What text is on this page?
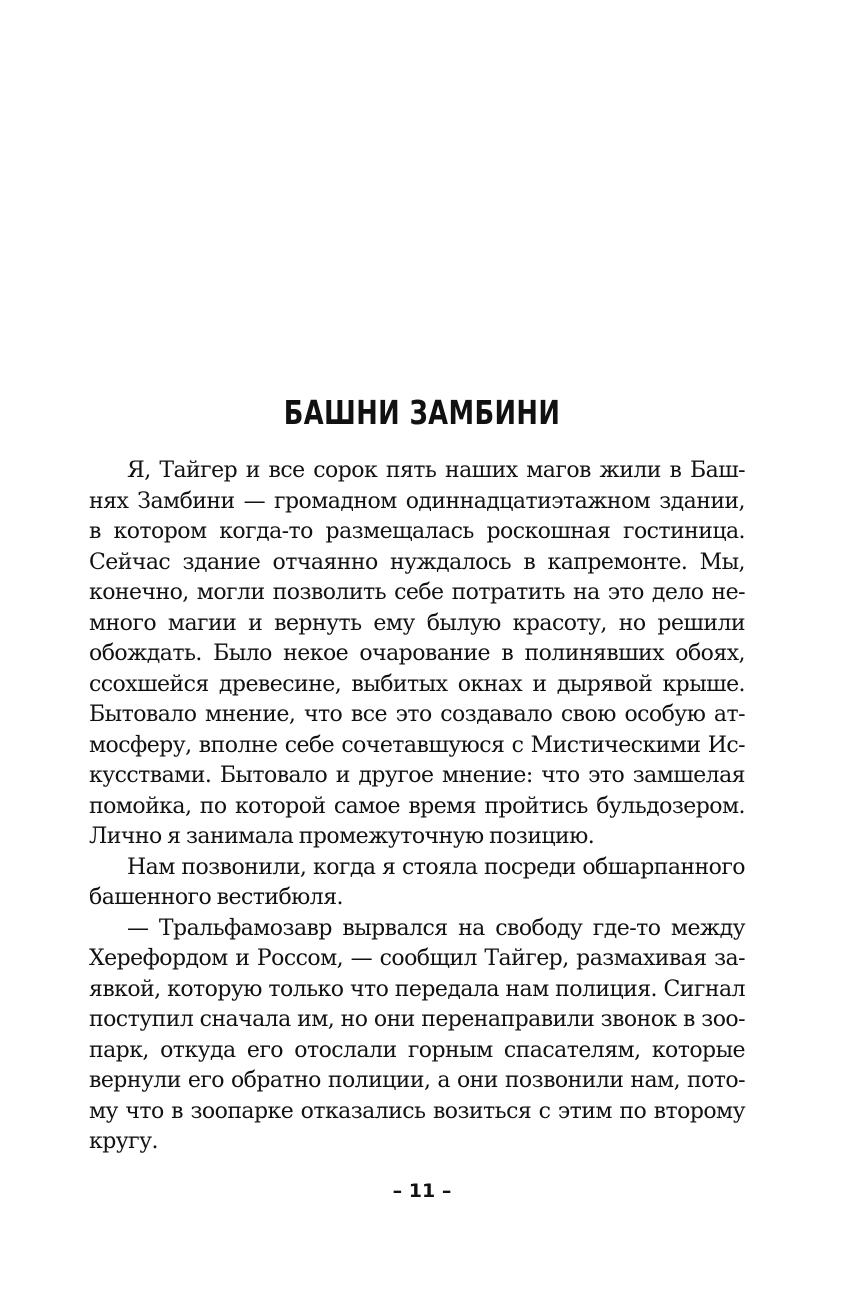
БАШНИ ЗАМБИНИ
Я, Тайгер и все сорок пять наших магов жили в Баш-
нях Замбини — громадном одиннадцатиэтажном здании,
в котором когда-то размещалась роскошная гостиница.
Сейчас здание отчаянно нуждалось в капремонте. Мы,
конечно, могли позволить себе потратить на это дело не-
много магии и вернуть ему былую красоту, но решили
обождать. Было некое очарование в полинявших обоях,
ссохшейся древесине, выбитых окнах и дырявой крыше.
Бытовало мнение, что все это создавало свою особую ат-
мосферу, вполне себе сочетавшуюся с Мистическими Ис-
кусствами. Бытовало и другое мнение: что это замшелая
помойка, по которой самое время пройтись бульдозером.
Лично я занимала промежуточную позицию.
Нам позвонили, когда я стояла посреди обшарпанного
башенного вестибюля.
— Тральфамозавр вырвался на свободу где-то между
Херефордом и Россом, — сообщил Тайгер, размахивая за-
явкой, которую только что передала нам полиция. Сигнал
поступил сначала им, но они перенаправили звонок в зоо-
парк, откуда его отослали горным спасателям, которые
вернули его обратно полиции, а они позвонили нам, пото-
му что в зоопарке отказались возиться с этим по второму
кругу.
– 11 –
